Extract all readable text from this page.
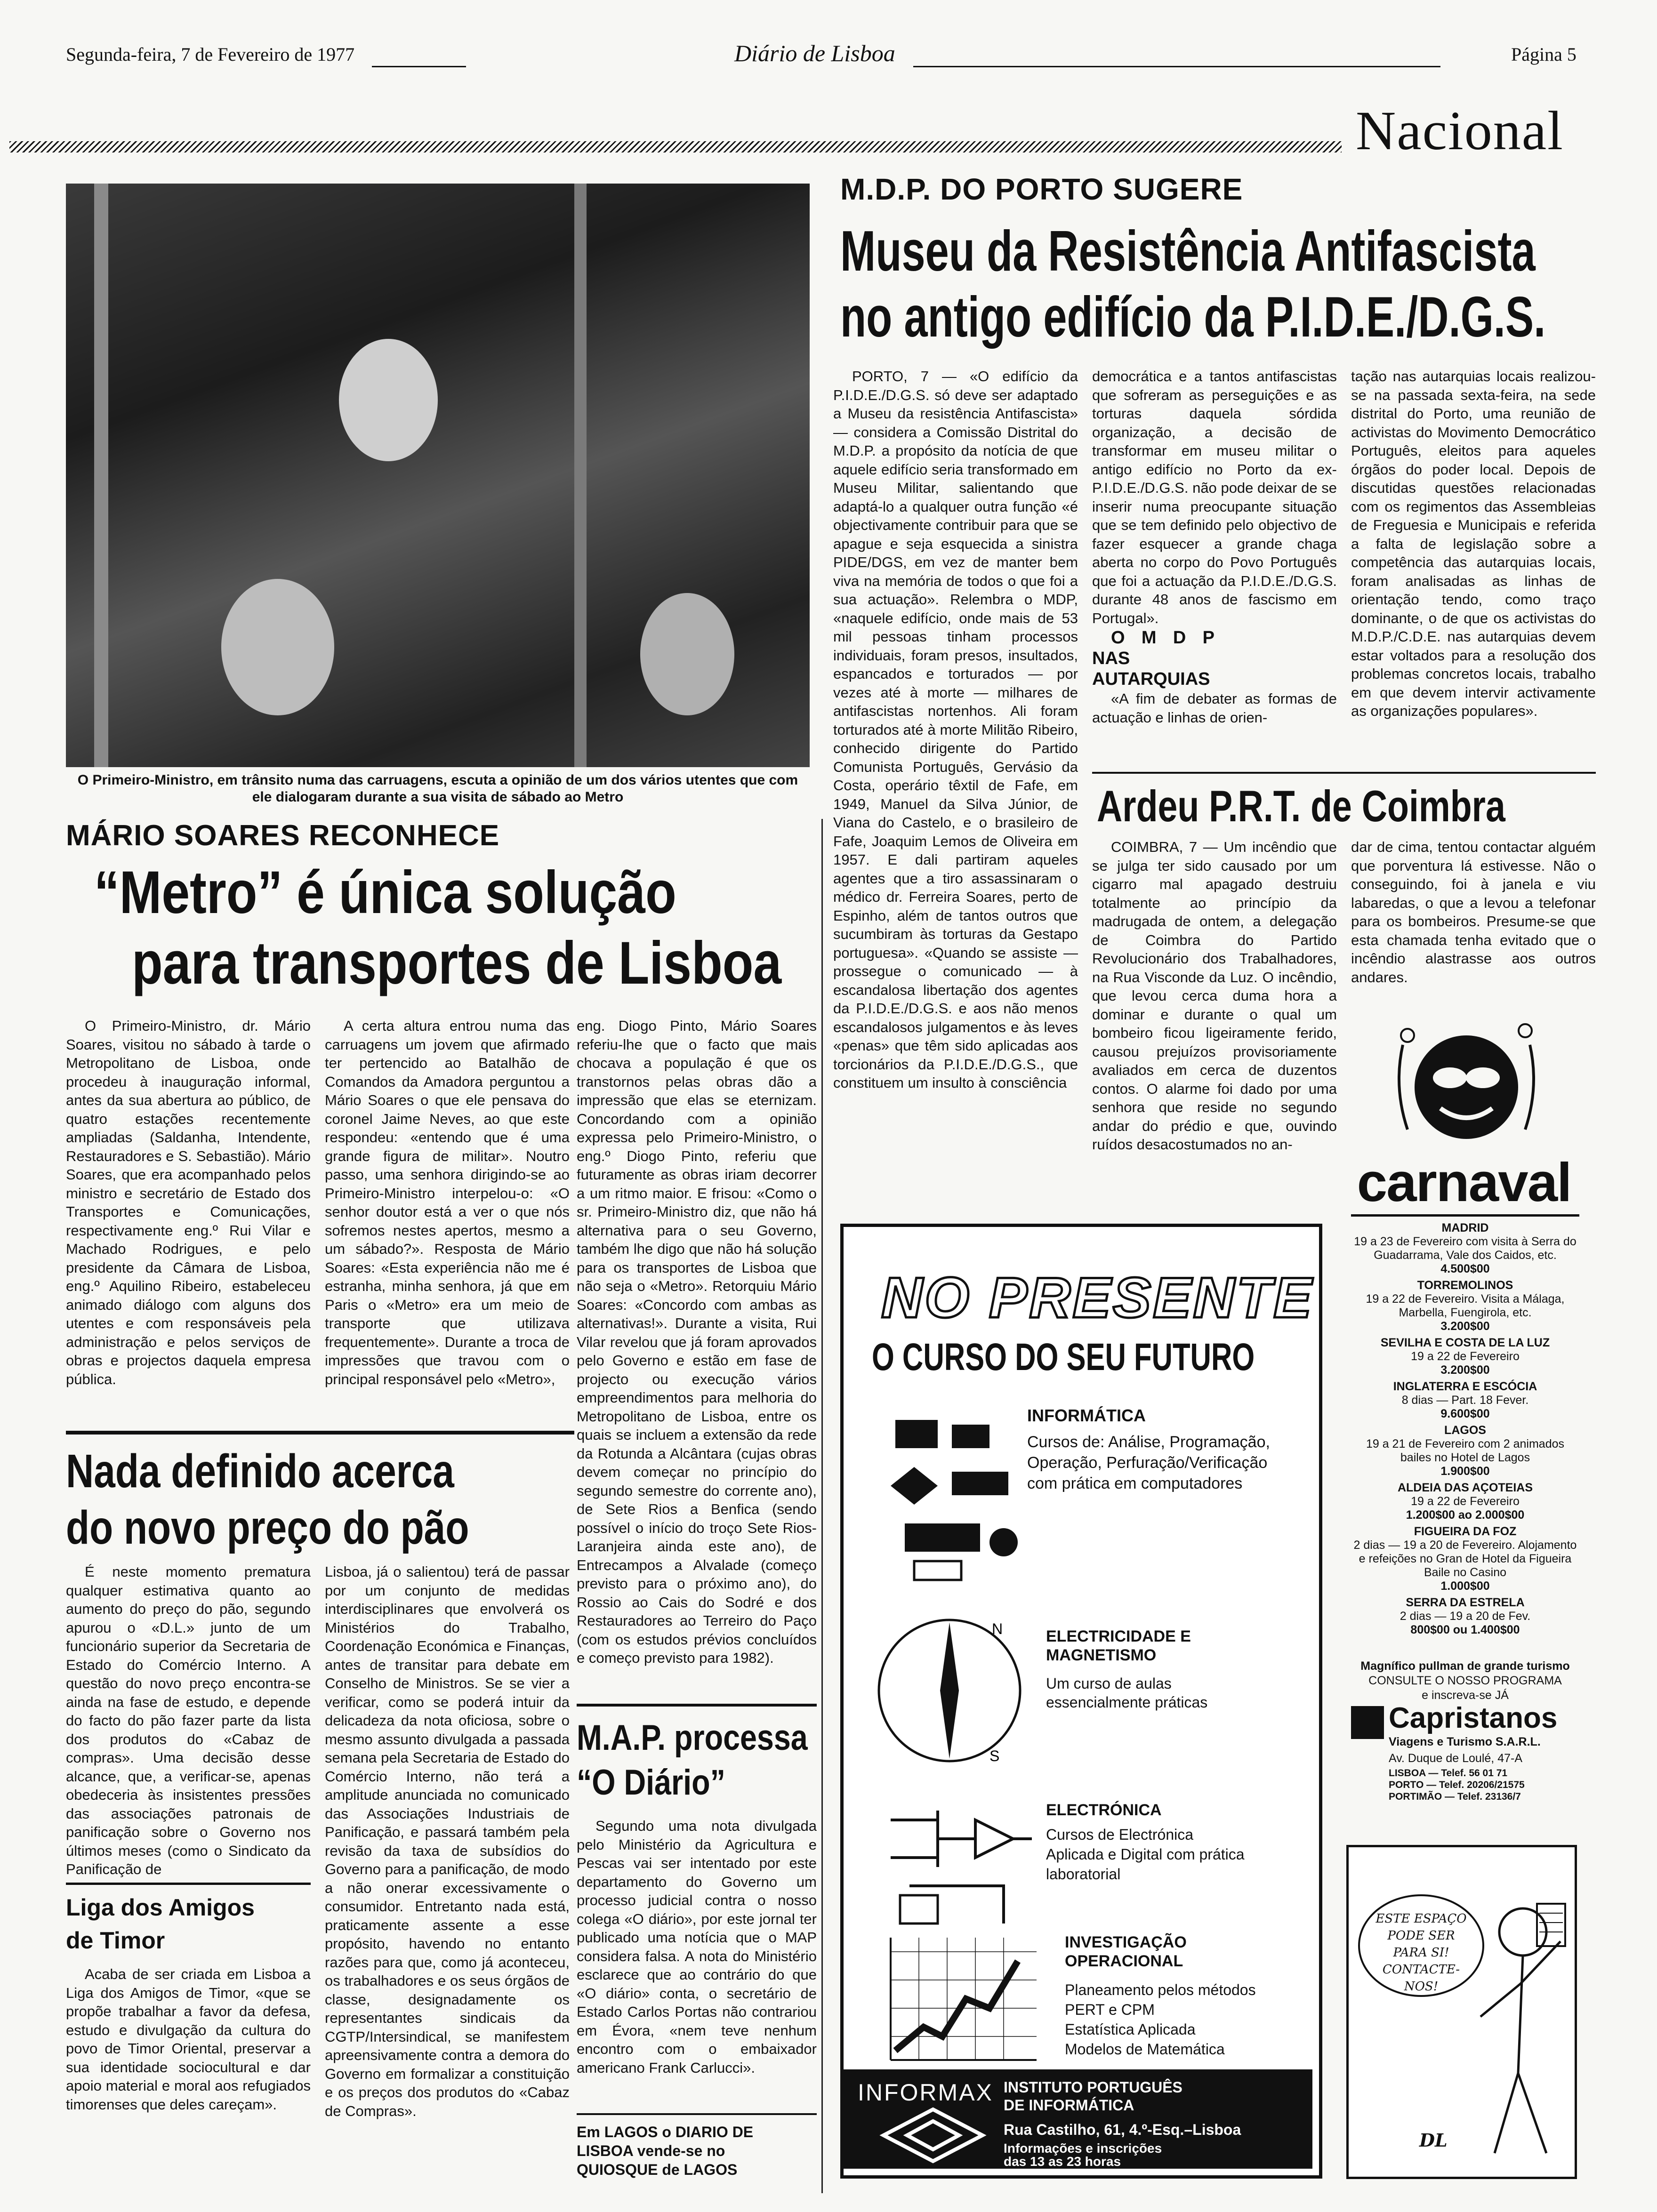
Segunda-feira, 7 de Fevereiro de 1977	Diário de Lisboa	Página 5
Nacional
O Primeiro-Ministro, em trânsito numa das carruagens, escuta a opinião de um dos vários utentes que com ele dialogaram durante a sua visita de sábado ao Metro
MÁRIO SOARES RECONHECE
“Metro” é única solução
para transportes de Lisboa

O Primeiro-Ministro, dr. Mário Soares, visitou no sábado à tarde o Metropolitano de Lisboa, onde procedeu à inauguração informal, antes da sua abertura ao público, de quatro estações recentemente ampliadas (Saldanha, Intendente, Restauradores e S. Sebastião). Mário Soares, que era acompanhado pelos ministro e secretário de Estado dos Transportes e Comunicações, respectivamente eng.º Rui Vilar e Machado Rodrigues, e pelo presidente da Câmara de Lisboa, eng.º Aquilino Ribeiro, estabeleceu animado diálogo com alguns dos utentes e com responsáveis pela administração e pelos serviços de obras e projectos daquela empresa pública.

A certa altura entrou numa das carruagens um jovem que afirmado ter pertencido ao Batalhão de Comandos da Amadora perguntou a Mário Soares o que ele pensava do coronel Jaime Neves, ao que este respondeu: «entendo que é uma grande figura de militar». Noutro passo, uma senhora dirigindo-se ao Primeiro-Ministro interpelou-o: «O senhor doutor está a ver o que nós sofremos nestes apertos, mesmo a um sábado?». Resposta de Mário Soares: «Esta experiência não me é estranha, minha senhora, já que em Paris o «Metro» era um meio de transporte que utilizava frequentemente». Durante a troca de impressões que travou com o principal responsável pelo «Metro»,

eng. Diogo Pinto, Mário Soares referiu-lhe que o facto que mais chocava a população é que os transtornos pelas obras dão a impressão que elas se eternizam. Concordando com a opinião expressa pelo Primeiro-Ministro, o eng.º Diogo Pinto, referiu que futuramente as obras iriam decorrer a um ritmo maior. E frisou: «Como o sr. Primeiro-Ministro diz, que não há alternativa para o seu Governo, também lhe digo que não há solução para os transportes de Lisboa que não seja o «Metro». Retorquiu Mário Soares: «Concordo com ambas as alternativas!». Durante a visita, Rui Vilar revelou que já foram aprovados pelo Governo e estão em fase de projecto ou execução vários empreendimentos para melhoria do Metropolitano de Lisboa, entre os quais se incluem a extensão da rede da Rotunda a Alcântara (cujas obras devem começar no princípio do segundo semestre do corrente ano), de Sete Rios a Benfica (sendo possível o início do troço Sete Rios-Laranjeira ainda este ano), de Entrecampos a Alvalade (começo previsto para o próximo ano), do Rossio ao Cais do Sodré e dos Restauradores ao Terreiro do Paço (com os estudos prévios concluídos e começo previsto para 1982).

Nada definido acerca
do novo preço do pão

É neste momento prematura qualquer estimativa quanto ao aumento do preço do pão, segundo apurou o «D.L.» junto de um funcionário superior da Secretaria de Estado do Comércio Interno. A questão do novo preço encontra-se ainda na fase de estudo, e depende do facto do pão fazer parte da lista dos produtos do «Cabaz de compras». Uma decisão desse alcance, que, a verificar-se, apenas obedeceria às insistentes pressões das associações patronais de panificação sobre o Governo nos últimos meses (como o Sindicato da Panificação de

Lisboa, já o salientou) terá de passar por um conjunto de medidas interdisciplinares que envolverá os Ministérios do Trabalho, Coordenação Económica e Finanças, antes de transitar para debate em Conselho de Ministros. Se se vier a verificar, como se poderá intuir da delicadeza da nota oficiosa, sobre o mesmo assunto divulgada a passada semana pela Secretaria de Estado do Comércio Interno, não terá a amplitude anunciada no comunicado das Associações Industriais de Panificação, e passará também pela revisão da taxa de subsídios do Governo para a panificação, de modo a não onerar excessivamente o consumidor. Entretanto nada está, praticamente assente a esse propósito, havendo no entanto razões para que, como já aconteceu, os trabalhadores e os seus órgãos de classe, designadamente os representantes sindicais da CGTP/Intersindical, se manifestem apreensivamente contra a demora do Governo em formalizar a constituição e os preços dos produtos do «Cabaz de Compras».

Liga dos Amigos
de Timor

Acaba de ser criada em Lisboa a Liga dos Amigos de Timor, «que se propõe trabalhar a favor da defesa, estudo e divulgação da cultura do povo de Timor Oriental, preservar a sua identidade sociocultural e dar apoio material e moral aos refugiados timorenses que deles careçam».

M.A.P. processa
“O Diário”

Segundo uma nota divulgada pelo Ministério da Agricultura e Pescas vai ser intentado por este departamento do Governo um processo judicial contra o nosso colega «O diário», por este jornal ter publicado uma notícia que o MAP considera falsa. A nota do Ministério esclarece que ao contrário do que «O diário» conta, o secretário de Estado Carlos Portas não contrariou em Évora, «nem teve nenhum encontro com o embaixador americano Frank Carlucci».

Em LAGOS o DIARIO DE LISBOA vende-se no QUIOSQUE de LAGOS
M.D.P. DO PORTO SUGERE
Museu da Resistência Antifascista
no antigo edifício da P.I.D.E./D.G.S.

PORTO, 7 — «O edifício da P.I.D.E./D.G.S. só deve ser adaptado a Museu da resistência Antifascista» — considera a Comissão Distrital do M.D.P. a propósito da notícia de que aquele edifício seria transformado em Museu Militar, salientando que adaptá-lo a qualquer outra função «é objectivamente contribuir para que se apague e seja esquecida a sinistra PIDE/DGS, em vez de manter bem viva na memória de todos o que foi a sua actuação». Relembra o MDP, «naquele edifício, onde mais de 53 mil pessoas tinham processos individuais, foram presos, insultados, espancados e torturados — por vezes até à morte — milhares de antifascistas nortenhos. Ali foram torturados até à morte Militão Ribeiro, conhecido dirigente do Partido Comunista Português, Gervásio da Costa, operário têxtil de Fafe, em 1949, Manuel da Silva Júnior, de Viana do Castelo, e o brasileiro de Fafe, Joaquim Lemos de Oliveira em 1957. E dali partiram aqueles agentes que a tiro assassinaram o médico dr. Ferreira Soares, perto de Espinho, além de tantos outros que sucumbiram às torturas da Gestapo portuguesa». «Quando se assiste — prossegue o comunicado — à escandalosa libertação dos agentes da P.I.D.E./D.G.S. e aos não menos escandalosos julgamentos e às leves «penas» que têm sido aplicadas aos torcionários da P.I.D.E./D.G.S., que constituem um insulto à consciência

democrática e a tantos antifascistas que sofreram as perseguições e as torturas daquela sórdida organização, a decisão de transformar em museu militar o antigo edifício no Porto da ex-P.I.D.E./D.G.S. não pode deixar de se inserir numa preocupante situação que se tem definido pelo objectivo de fazer esquecer a grande chaga aberta no corpo do Povo Português que foi a actuação da P.I.D.E./D.G.S. durante 48 anos de fascismo em Portugal».

O M D P NAS AUTARQUIAS

«A fim de debater as formas de actuação e linhas de orien-

tação nas autarquias locais realizou-se na passada sexta-feira, na sede distrital do Porto, uma reunião de activistas do Movimento Democrático Português, eleitos para aqueles órgãos do poder local. Depois de discutidas questões relacionadas com os regimentos das Assembleias de Freguesia e Municipais e referida a falta de legislação sobre a competência das autarquias locais, foram analisadas as linhas de orientação tendo, como traço dominante, o de que os activistas do M.D.P./C.D.E. nas autarquias devem estar voltados para a resolução dos problemas concretos locais, trabalho em que devem intervir activamente as organizações populares».

Ardeu P.R.T. de Coimbra

COIMBRA, 7 — Um incêndio que se julga ter sido causado por um cigarro mal apagado destruiu totalmente ao princípio da madrugada de ontem, a delegação de Coimbra do Partido Revolucionário dos Trabalhadores, na Rua Visconde da Luz. O incêndio, que levou cerca duma hora a dominar e durante o qual um bombeiro ficou ligeiramente ferido, causou prejuízos provisoriamente avaliados em cerca de duzentos contos. O alarme foi dado por uma senhora que reside no segundo andar do prédio e que, ouvindo ruídos desacostumados no an-

dar de cima, tentou contactar alguém que porventura lá estivesse. Não o conseguindo, foi à janela e viu labaredas, o que a levou a telefonar para os bombeiros. Presume-se que esta chamada tenha evitado que o incêndio alastrasse aos outros andares.

NO PRESENTE
O CURSO DO SEU FUTURO
INFORMÁTICA
Cursos de: Análise, Programação, Operação, Perfuração/Verificação com prática em computadores
N
S
ELECTRICIDADE E MAGNETISMO
Um curso de aulas essencialmente práticas
ELECTRÓNICA
Cursos de Electrónica Aplicada e Digital com prática laboratorial
INVESTIGAÇÃO OPERACIONAL
Planeamento pelos métodos PERT e CPM
Estatística Aplicada
Modelos de Matemática
INFORMAX INSTITUTO PORTUGUÊS
DE INFORMÁTICA
Rua Castilho, 61, 4.º-Esq.–Lisboa
Informações e inscrições
das 13 as 23 horas
carnaval
MADRID
19 a 23 de Fevereiro com visita à Serra do Guadarrama, Vale dos Caidos, etc.
4.500$00
TORREMOLINOS
19 a 22 de Fevereiro. Visita a Málaga, Marbella, Fuengirola, etc.
3.200$00
SEVILHA E COSTA DE LA LUZ
19 a 22 de Fevereiro
3.200$00
INGLATERRA E ESCÓCIA
8 dias — Part. 18 Fever.
9.600$00
LAGOS
19 a 21 de Fevereiro com 2 animados bailes no Hotel de Lagos
1.900$00
ALDEIA DAS AÇOTEIAS
19 a 22 de Fevereiro
1.200$00 ao 2.000$00
FIGUEIRA DA FOZ
2 dias — 19 a 20 de Fevereiro. Alojamento e refeições no Gran de Hotel da Figueira Baile no Casino
1.000$00
SERRA DA ESTRELA
2 dias — 19 a 20 de Fev.
800$00 ou 1.400$00
Magnífico pullman de grande turismo
CONSULTE O NOSSO PROGRAMA
e inscreva-se JÁ
Capristanos
Viagens e Turismo S.A.R.L.
Av. Duque de Loulé, 47-A
LISBOA — Telef. 56 01 71
PORTO — Telef. 20206/21575
PORTIMÃO — Telef. 23136/7
ESTE ESPAÇO PODE SER PARA SI! CONTACTE-NOS!
DL
